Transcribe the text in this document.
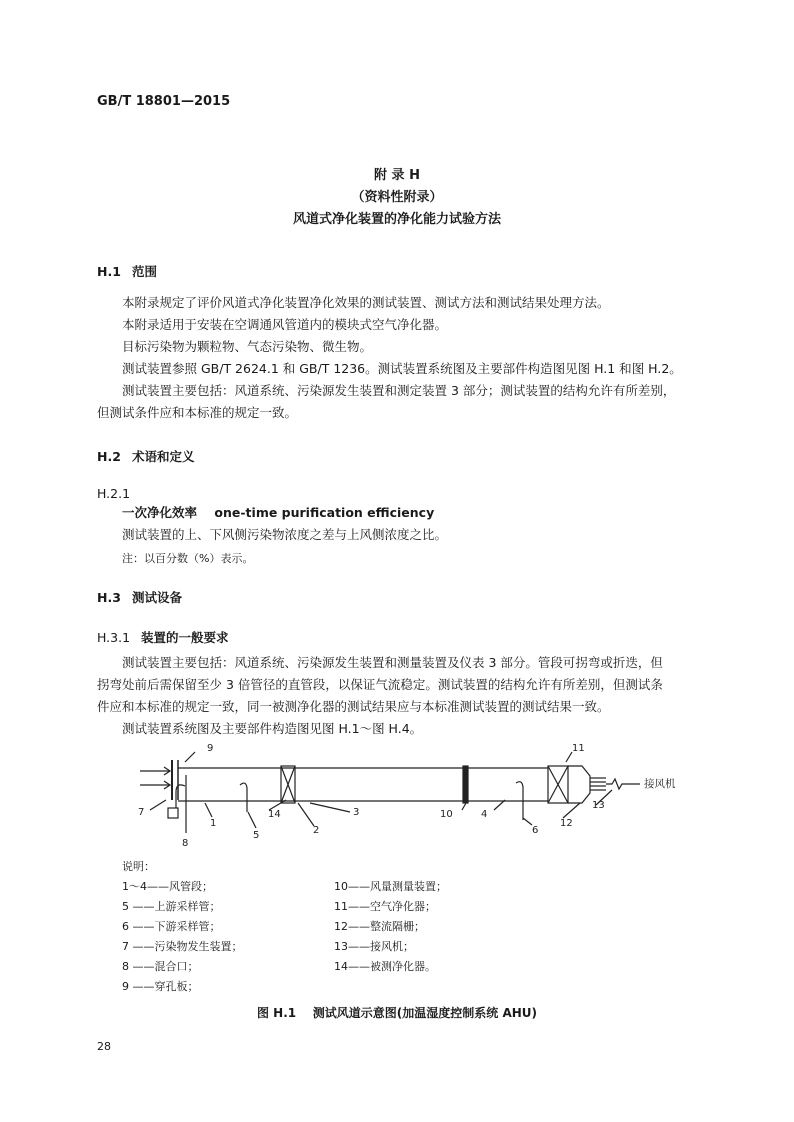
GB/T 18801—2015
附 录 H
（资料性附录）
风道式净化装置的净化能力试验方法
H.1 范围
本附录规定了评价风道式净化装置净化效果的测试装置、测试方法和测试结果处理方法。
本附录适用于安装在空调通风管道内的模块式空气净化器。
目标污染物为颗粒物、气态污染物、微生物。
测试装置参照 GB/T 2624.1 和 GB/T 1236。测试装置系统图及主要部件构造图见图 H.1 和图 H.2。
测试装置主要包括：风道系统、污染源发生装置和测定装置 3 部分；测试装置的结构允许有所差别，
但测试条件应和本标准的规定一致。
H.2 术语和定义
H.2.1
一次净化效率    one-time purification efficiency
测试装置的上、下风侧污染物浓度之差与上风侧浓度之比。
注：以百分数（%）表示。
H.3 测试设备
H.3.1 装置的一般要求
测试装置主要包括：风道系统、污染源发生装置和测量装置及仪表 3 部分。管段可拐弯或折迭，但
拐弯处前后需保留至少 3 倍管径的直管段，以保证气流稳定。测试装置的结构允许有所差别，但测试条
件应和本标准的规定一致，同一被测净化器的测试结果应与本标准测试装置的测试结果一致。
测试装置系统图及主要部件构造图见图 H.1～图 H.4。
9	11
接风机
7
1
14
2
3	10	4
6
12
13
8
5
说明：
1～4——风管段；
5 ——上游采样管；
6 ——下游采样管；
7 ——污染物发生装置；
8 ——混合口；
9 ——穿孔板；
10——风量测量装置；
11——空气净化器；
12——整流隔栅；
13——接风机；
14——被测净化器。
图 H.1    测试风道示意图(加温湿度控制系统 AHU)
28
